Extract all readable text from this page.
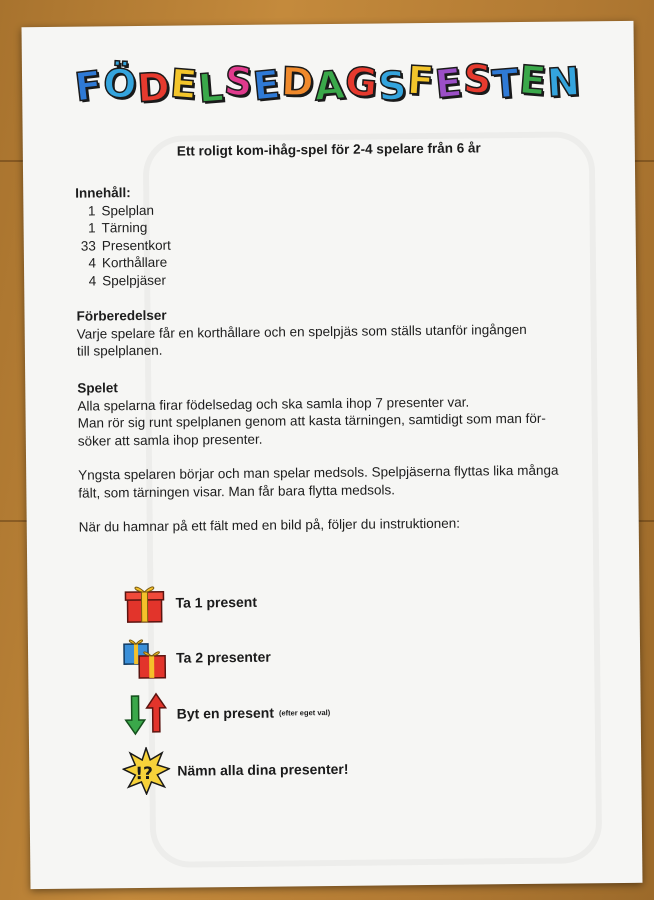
FÖDELSEDAGSFESTEN
Ett roligt kom-ihåg-spel för 2-4 spelare från 6 år
Innehåll:
1 Spelplan
1 Tärning
33 Presentkort
4 Korthållare
4 Spelpjäser
Förberedelser

Varje spelare får en korthållare och en spelpjäs som ställs utanför ingången

till spelplanen.

Spelet

Alla spelarna firar födelsedag och ska samla ihop 7 presenter var.

Man rör sig runt spelplanen genom att kasta tärningen, samtidigt som man för-

söker att samla ihop presenter.

Yngsta spelaren börjar och man spelar medsols. Spelpjäserna flyttas lika många

fält, som tärningen visar. Man får bara flytta medsols.

När du hamnar på ett fält med en bild på, följer du instruktionen:

Ta 1 present
Ta 2 presenter
Byt en present (efter eget val)
!? Nämn alla dina presenter!
